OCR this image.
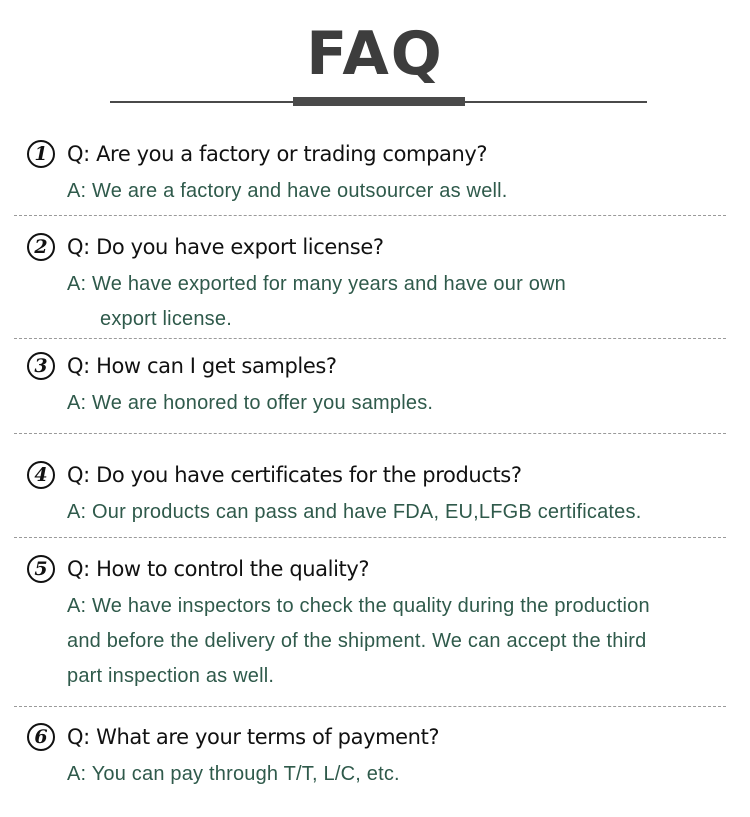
FAQ
1 Q: Are you a factory or trading company?
A: We are a factory and have outsourcer as well.
2 Q: Do you have export license?
A: We have exported for many years and have our own
export license.
3 Q: How can I get samples?
A: We are honored to offer you samples.
4 Q: Do you have certificates for the products?
A: Our products can pass and have FDA, EU,LFGB certificates.
5 Q: How to control the quality?
A: We have inspectors to check the quality during the production
and before the delivery of the shipment. We can accept the third
part inspection as well.
6 Q: What are your terms of payment?
A: You can pay through T/T, L/C, etc.
